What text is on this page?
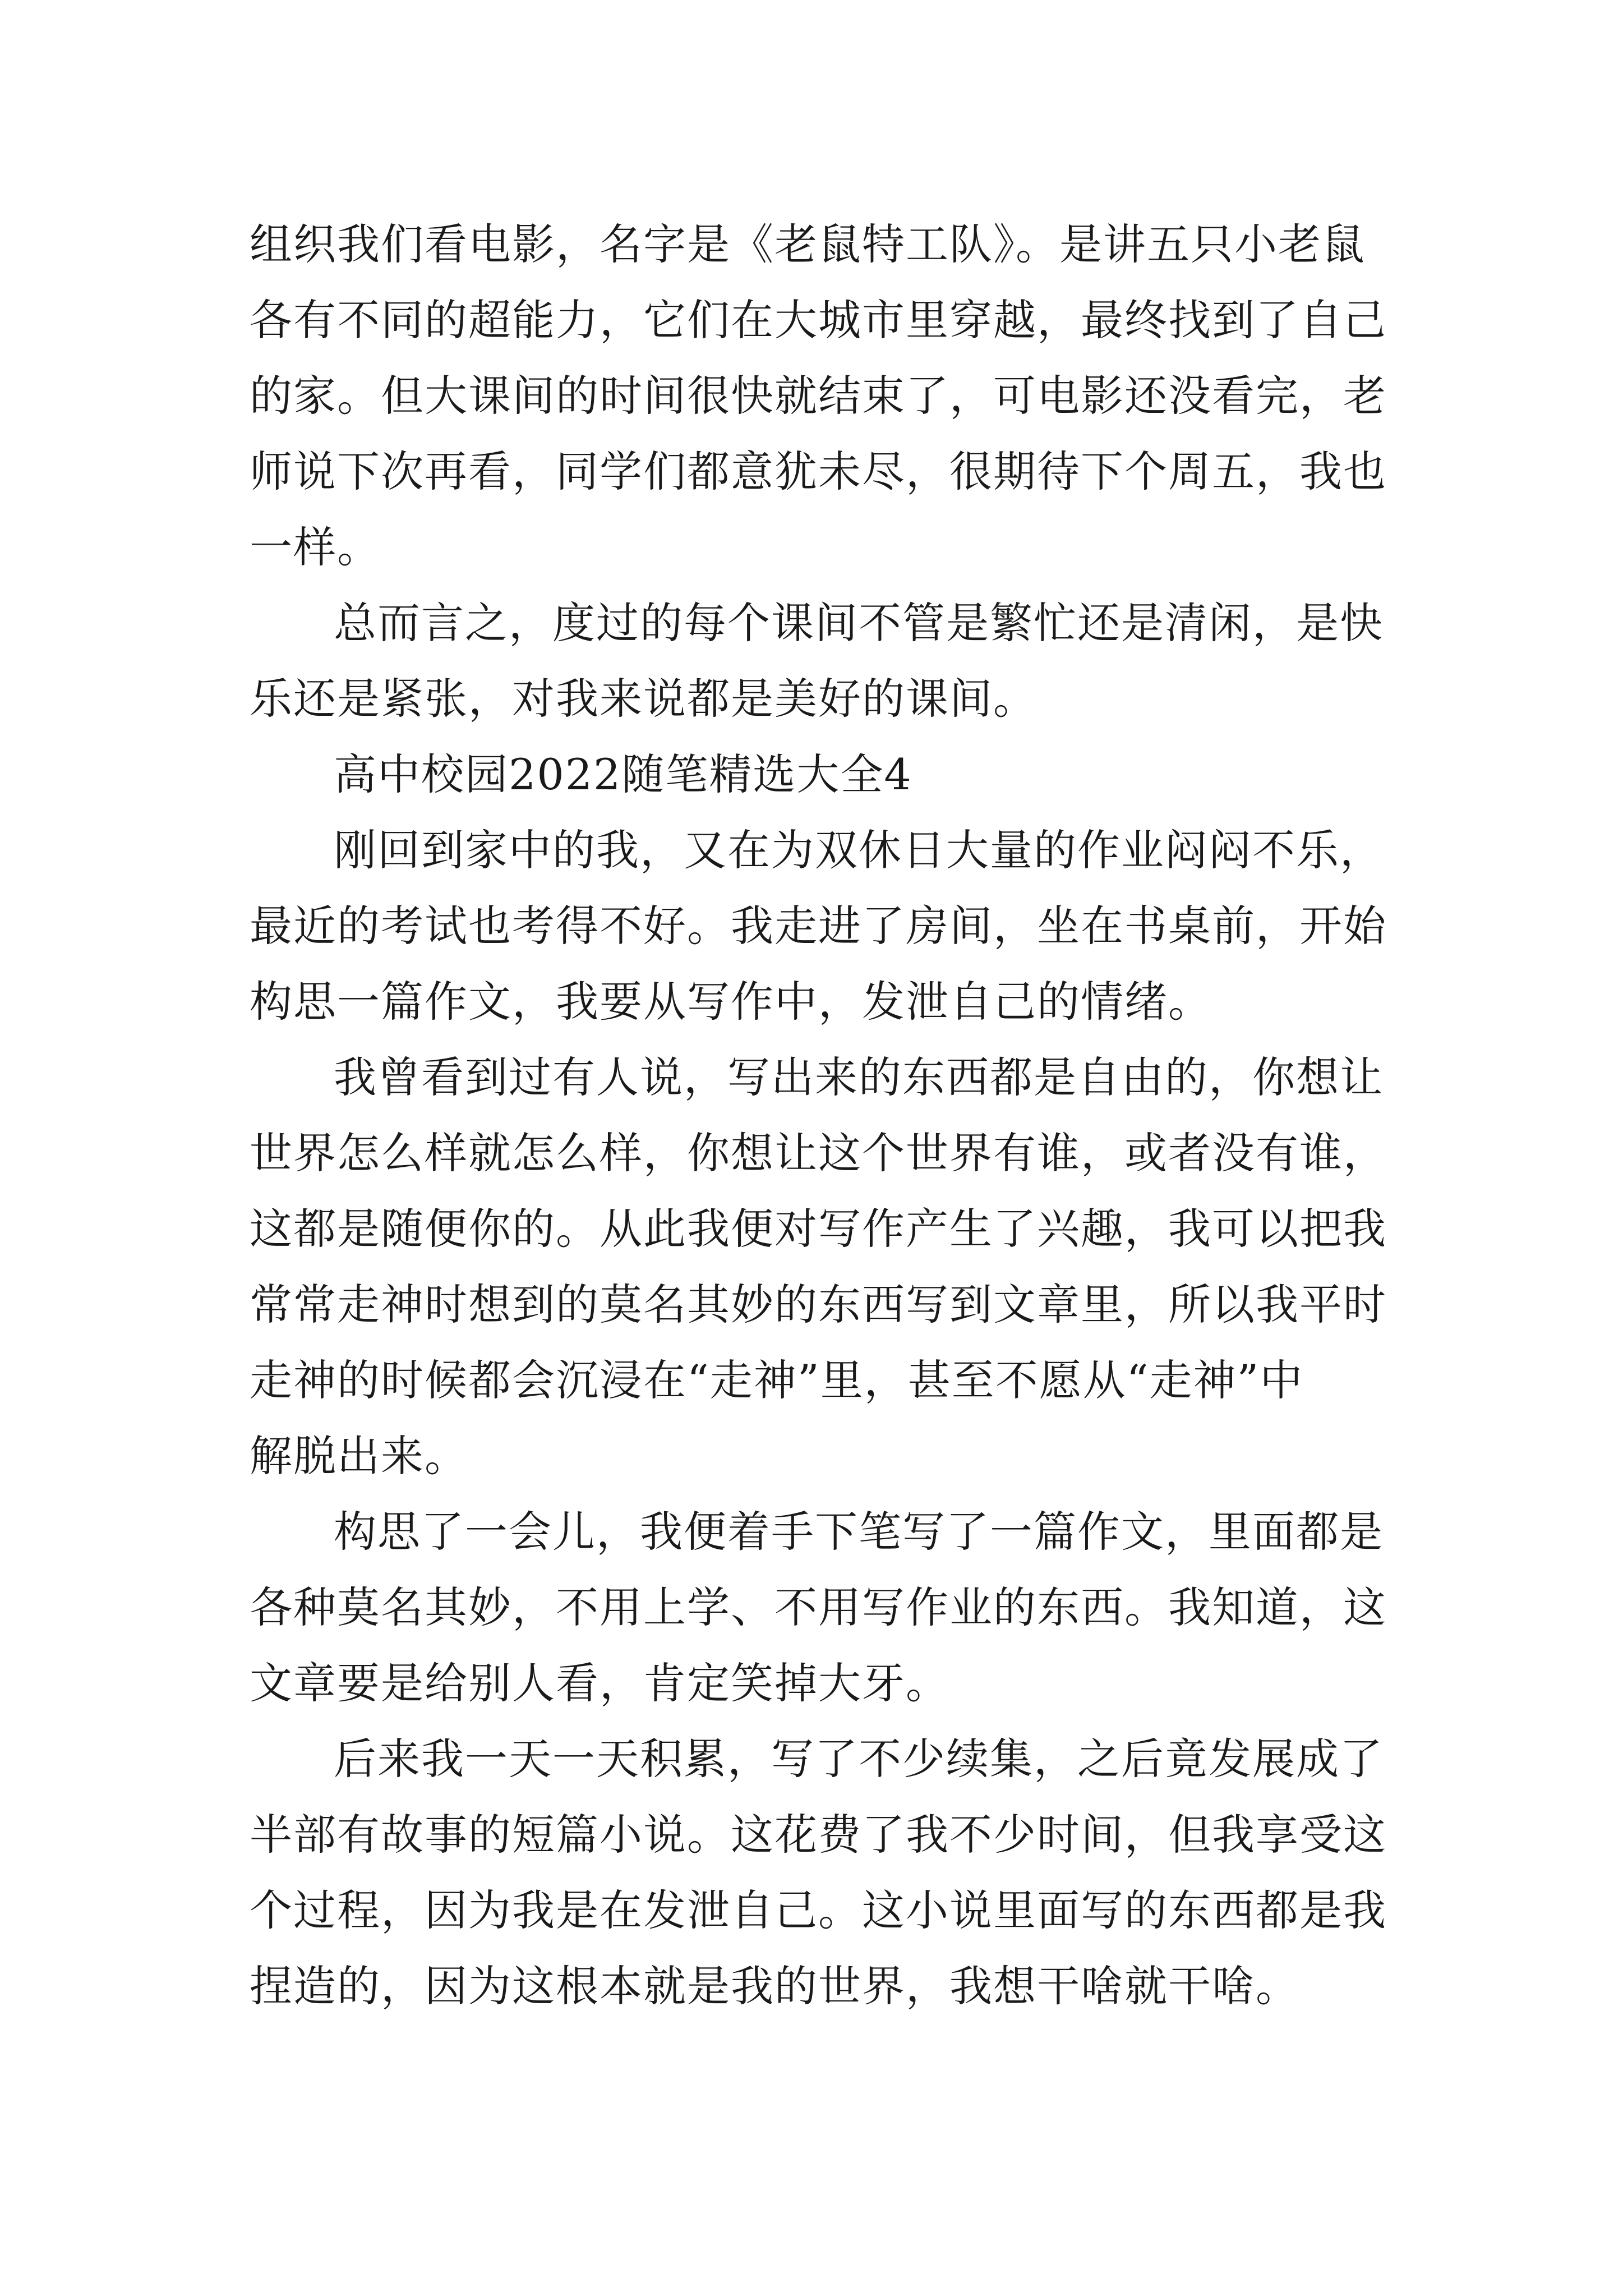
组织我们看电影，名字是《老鼠特工队》。是讲五只小老鼠
各有不同的超能力，它们在大城市里穿越，最终找到了自己
的家。但大课间的时间很快就结束了，可电影还没看完，老
师说下次再看，同学们都意犹未尽，很期待下个周五，我也
一样。
总而言之，度过的每个课间不管是繁忙还是清闲，是快
乐还是紧张，对我来说都是美好的课间。
高中校园2022随笔精选大全4
刚回到家中的我，又在为双休日大量的作业闷闷不乐，
最近的考试也考得不好。我走进了房间，坐在书桌前，开始
构思一篇作文，我要从写作中，发泄自己的情绪。
我曾看到过有人说，写出来的东西都是自由的，你想让
世界怎么样就怎么样，你想让这个世界有谁，或者没有谁，
这都是随便你的。从此我便对写作产生了兴趣，我可以把我
常常走神时想到的莫名其妙的东西写到文章里，所以我平时
走神的时候都会沉浸在“走神”里，甚至不愿从“走神”中
解脱出来。
构思了一会儿，我便着手下笔写了一篇作文，里面都是
各种莫名其妙，不用上学、不用写作业的东西。我知道，这
文章要是给别人看，肯定笑掉大牙。
后来我一天一天积累，写了不少续集，之后竟发展成了
半部有故事的短篇小说。这花费了我不少时间，但我享受这
个过程，因为我是在发泄自己。这小说里面写的东西都是我
捏造的，因为这根本就是我的世界，我想干啥就干啥。
